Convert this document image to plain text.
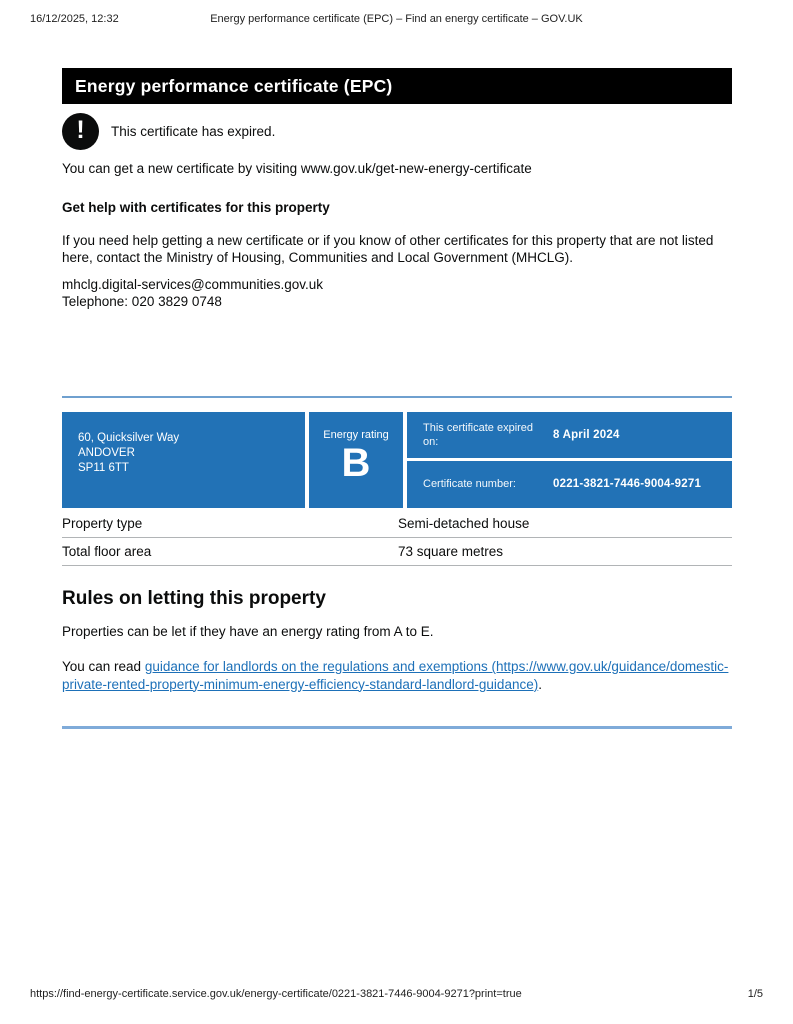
16/12/2025, 12:32	Energy performance certificate (EPC) – Find an energy certificate – GOV.UK
Energy performance certificate (EPC)
!	This certificate has expired.

You can get a new certificate by visiting www.gov.uk/get-new-energy-certificate

Get help with certificates for this property

If you need help getting a new certificate or if you know of other certificates for this property that are not listed here, contact the Ministry of Housing, Communities and Local Government (MHCLG).

mhclg.digital-services@communities.gov.uk
Telephone: 020 3829 0748
60, Quicksilver Way
ANDOVER
SP11 6TT
Energy rating
B
This certificate expired on:
8 April 2024
Certificate number:	0221-3821-7446-9004-9271
Property type	Semi-detached house
Total floor area	73 square metres
Rules on letting this property

Properties can be let if they have an energy rating from A to E.

You can read guidance for landlords on the regulations and exemptions (https://www.gov.uk/guidance/domestic-private-rented-property-minimum-energy-efficiency-standard-landlord-guidance).

https://find-energy-certificate.service.gov.uk/energy-certificate/0221-3821-7446-9004-9271?print=true	1/5
